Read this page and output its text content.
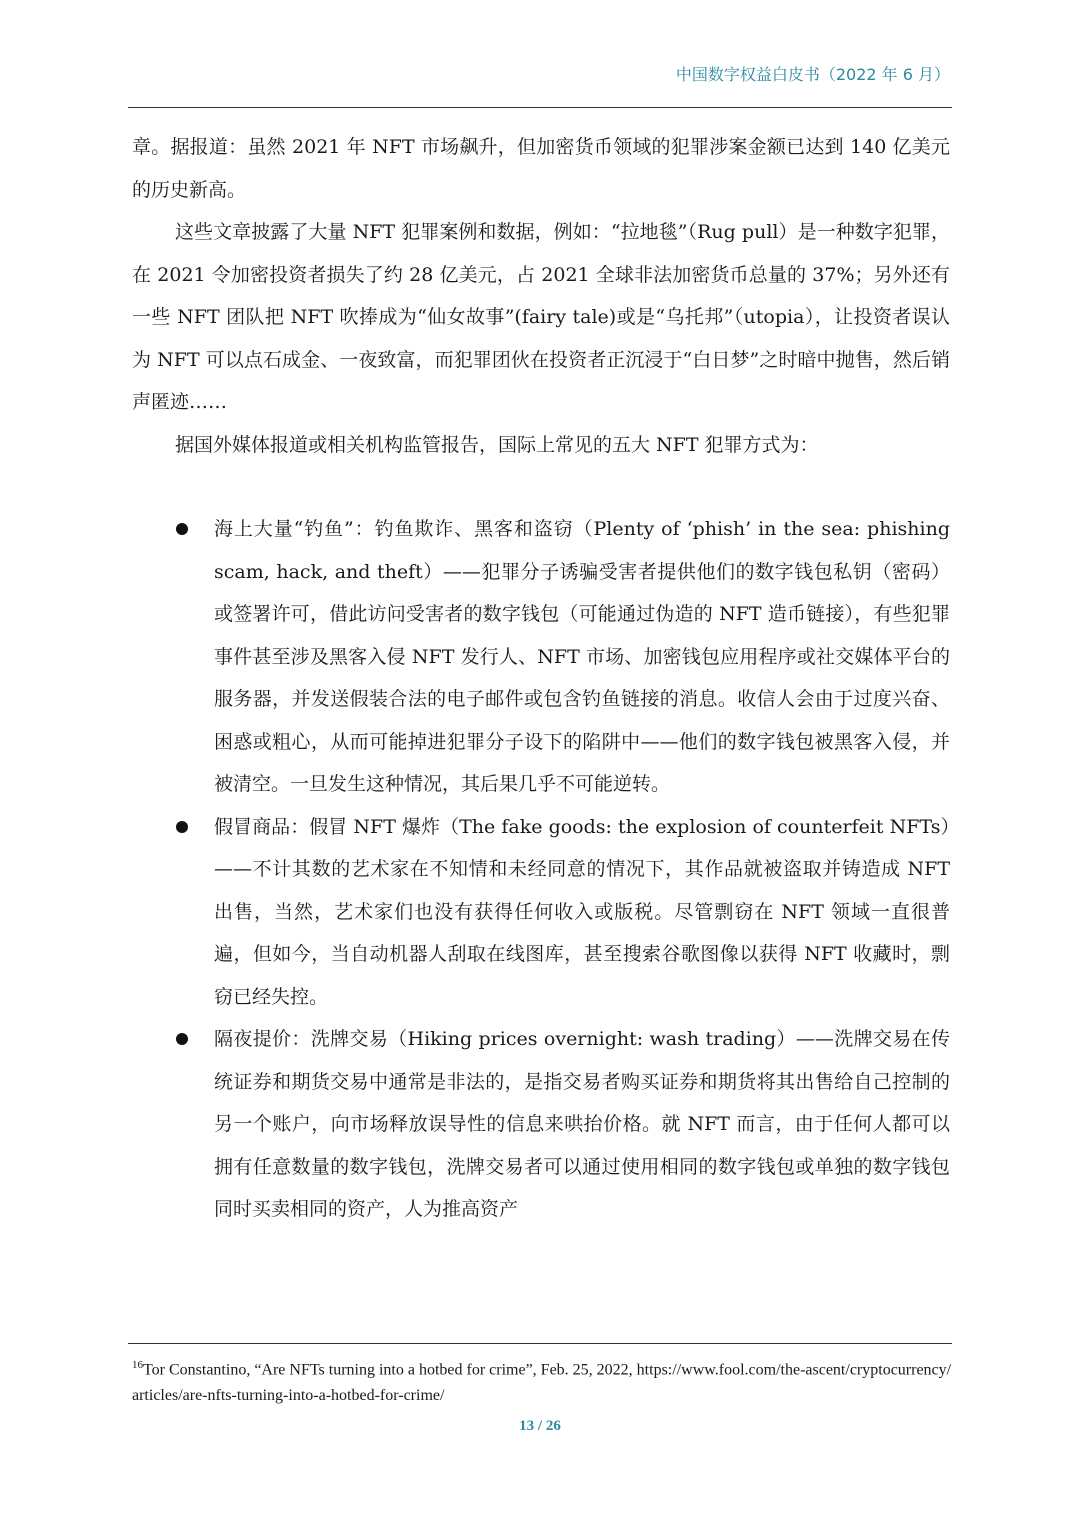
中国数字权益白皮书（2022 年 6 月）

章。据报道：虽然 2021 年 NFT 市场飙升，但加密货币领域的犯罪涉案金额已达到 140 亿美元的历史新高。

这些文章披露了大量 NFT 犯罪案例和数据，例如：“拉地毯”（Rug pull）是一种数字犯罪，在 2021 令加密投资者损失了约 28 亿美元，占 2021 全球非法加密货币总量的 37%；另外还有一些 NFT 团队把 NFT 吹捧成为“仙女故事”(fairy tale)或是“乌托邦”（utopia），让投资者误认为 NFT 可以点石成金、一夜致富，而犯罪团伙在投资者正沉浸于“白日梦”之时暗中抛售，然后销声匿迹……

据国外媒体报道或相关机构监管报告，国际上常见的五大 NFT 犯罪方式为：

海上大量“钓鱼”：钓鱼欺诈、黑客和盗窃（Plenty of ‘phish’ in the sea: phishing scam, hack, and theft）——犯罪分子诱骗受害者提供他们的数字钱包私钥（密码）或签署许可，借此访问受害者的数字钱包（可能通过伪造的 NFT 造币链接），有些犯罪事件甚至涉及黑客入侵 NFT 发行人、NFT 市场、加密钱包应用程序或社交媒体平台的服务器，并发送假装合法的电子邮件或包含钓鱼链接的消息。收信人会由于过度兴奋、困惑或粗心，从而可能掉进犯罪分子设下的陷阱中——他们的数字钱包被黑客入侵，并被清空。一旦发生这种情况，其后果几乎不可能逆转。
假冒商品：假冒 NFT 爆炸（The fake goods: the explosion of counterfeit NFTs）——不计其数的艺术家在不知情和未经同意的情况下，其作品就被盗取并铸造成 NFT 出售，当然，艺术家们也没有获得任何收入或版税。尽管剽窃在 NFT 领域一直很普遍，但如今，当自动机器人刮取在线图库，甚至搜索谷歌图像以获得 NFT 收藏时，剽窃已经失控。
隔夜提价：洗牌交易（Hiking prices overnight: wash trading）——洗牌交易在传统证券和期货交易中通常是非法的，是指交易者购买证券和期货将其出售给自己控制的另一个账户，向市场释放误导性的信息来哄抬价格。就 NFT 而言，由于任何人都可以拥有任意数量的数字钱包，洗牌交易者可以通过使用相同的数字钱包或单独的数字钱包同时买卖相同的资产，人为推高资产
$^{16}$Tor Constantino, “Are NFTs turning into a hotbed for crime”, Feb. 25, 2022, https://www.fool.com/the-ascent/cryptocurrency/articles/are-nfts-turning-into-a-hotbed-for-crime/
13 / 26
